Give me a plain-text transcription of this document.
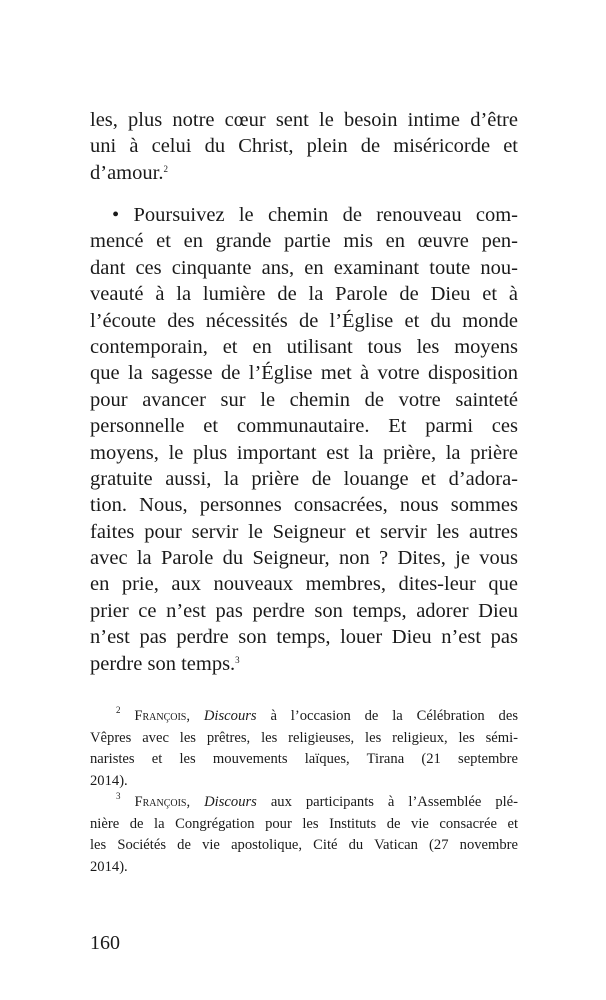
les, plus notre cœur sent le besoin intime d’être
uni à celui du Christ, plein de miséricorde et
d’amour.$^2$
• Poursuivez le chemin de renouveau com-
mencé et en grande partie mis en œuvre pen-
dant ces cinquante ans, en examinant toute nou-
veauté à la lumière de la Parole de Dieu et à
l’écoute des nécessités de l’Église et du monde
contemporain, et en utilisant tous les moyens
que la sagesse de l’Église met à votre disposition
pour avancer sur le chemin de votre sainteté
personnelle et communautaire. Et parmi ces
moyens, le plus important est la prière, la prière
gratuite aussi, la prière de louange et d’adora-
tion. Nous, personnes consacrées, nous sommes
faites pour servir le Seigneur et servir les autres
avec la Parole du Seigneur, non ? Dites, je vous
en prie, aux nouveaux membres, dites-leur que
prier ce n’est pas perdre son temps, adorer Dieu
n’est pas perdre son temps, louer Dieu n’est pas
perdre son temps.$^3$
$^2$ François, Discours à l’occasion de la Célébration des
Vêpres avec les prêtres, les religieuses, les religieux, les sémi-
naristes et les mouvements laïques, Tirana (21 septembre
2014).
$^3$ François, Discours aux participants à l’Assemblée plé-
nière de la Congrégation pour les Instituts de vie consacrée et
les Sociétés de vie apostolique, Cité du Vatican (27 novembre
2014).
160
